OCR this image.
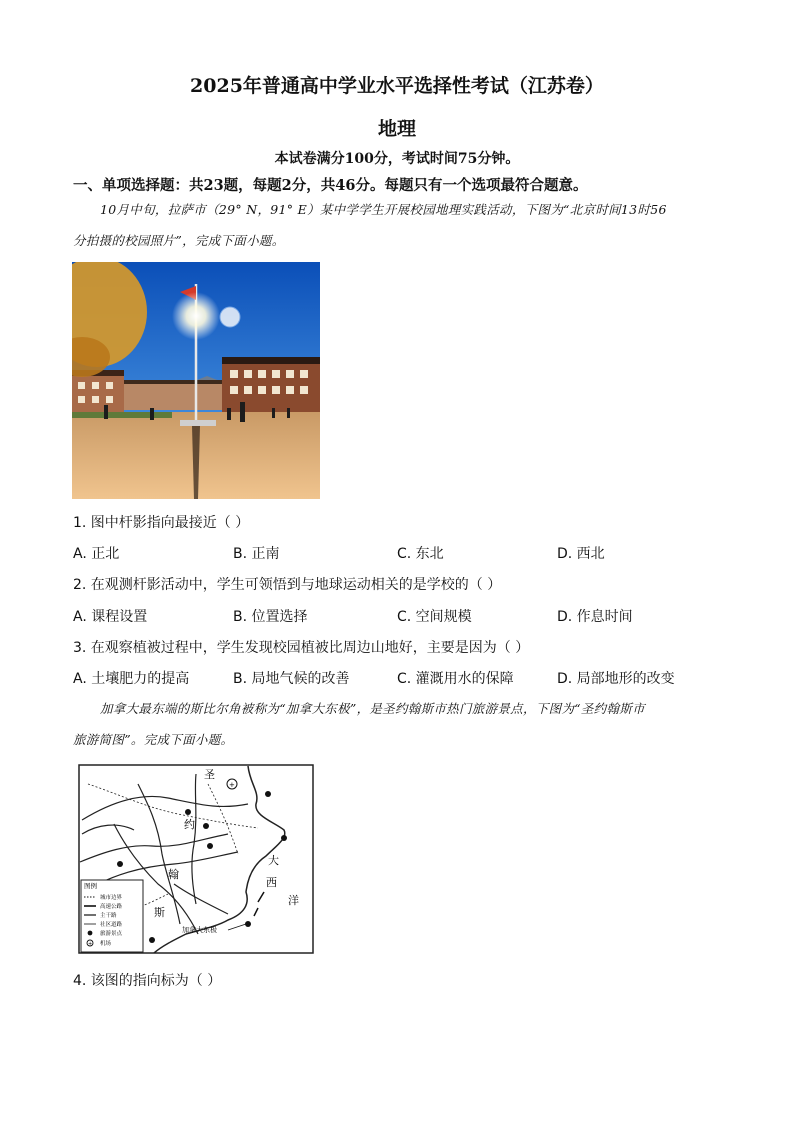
2025年普通高中学业水平选择性考试（江苏卷）
地理
本试卷满分100分，考试时间75分钟。
一、单项选择题：共23题，每题2分，共46分。每题只有一个选项最符合题意。
10月中旬，拉萨市（29° N，91° E）某中学学生开展校园地理实践活动，下图为“北京时间13时56
分拍摄的校园照片”，完成下面小题。
1. 图中杆影指向最接近（ ）
A. 正北	B. 正南	C. 东北	D. 西北
2. 在观测杆影活动中，学生可领悟到与地球运动相关的是学校的（ ）
A. 课程设置	B. 位置选择	C. 空间规模	D. 作息时间
3. 在观察植被过程中，学生发现校园植被比周边山地好，主要是因为（ ）
A. 土壤肥力的提高	B. 局地气候的改善	C. 灌溉用水的保障	D. 局部地形的改变
加拿大最东端的斯比尔角被称为“加拿大东极”，是圣约翰斯市热门旅游景点，下图为“圣约翰斯市
旅游简图”。完成下面小题。
+
圣
约
翰
斯
大
西
洋
加拿大东极
图例
+
城市边界
高速公路
主干路
社区道路
旅游景点
机场
4. 该图的指向标为（ ）
